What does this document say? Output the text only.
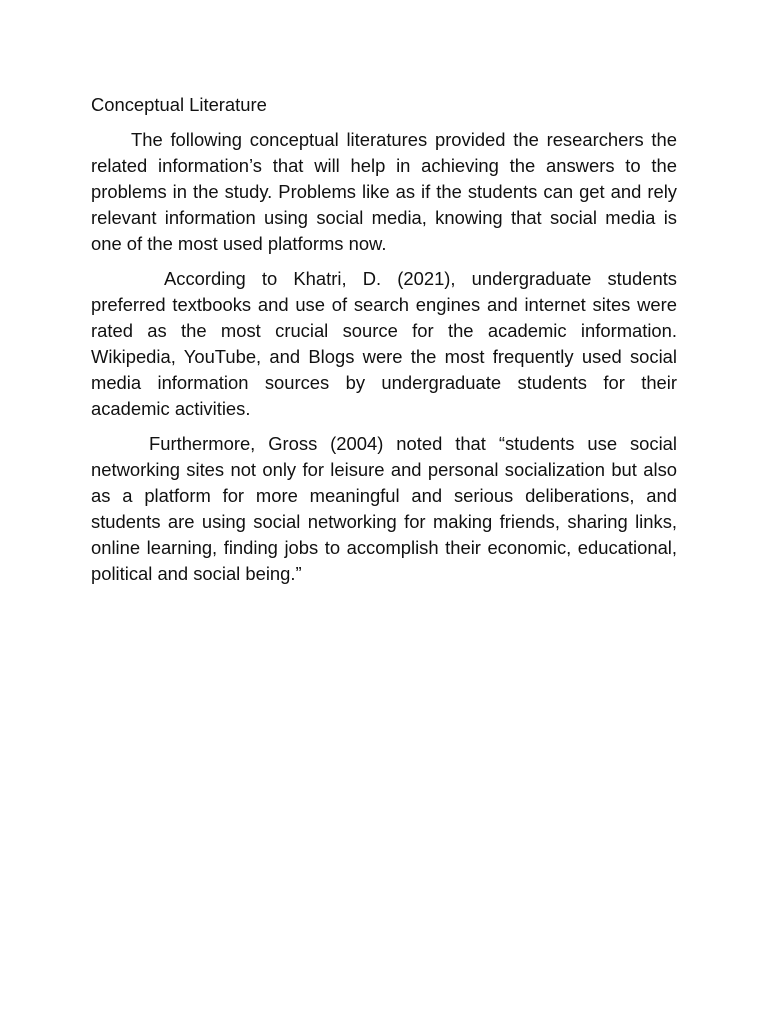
Conceptual Literature

The following conceptual literatures provided the researchers the related information’s that will help in achieving the answers to the problems in the study. Problems like as if the students can get and rely relevant information using social media, knowing that social media is one of the most used platforms now.

According to Khatri, D. (2021), undergraduate students preferred textbooks and use of search engines and internet sites were rated as the most crucial source for the academic information. Wikipedia, YouTube, and Blogs were the most frequently used social media information sources by undergraduate students for their academic activities.

Furthermore, Gross (2004) noted that “students use social networking sites not only for leisure and personal socialization but also as a platform for more meaningful and serious deliberations, and students are using social networking for making friends, sharing links, online learning, finding jobs to accomplish their economic, educational, political and social being.”
